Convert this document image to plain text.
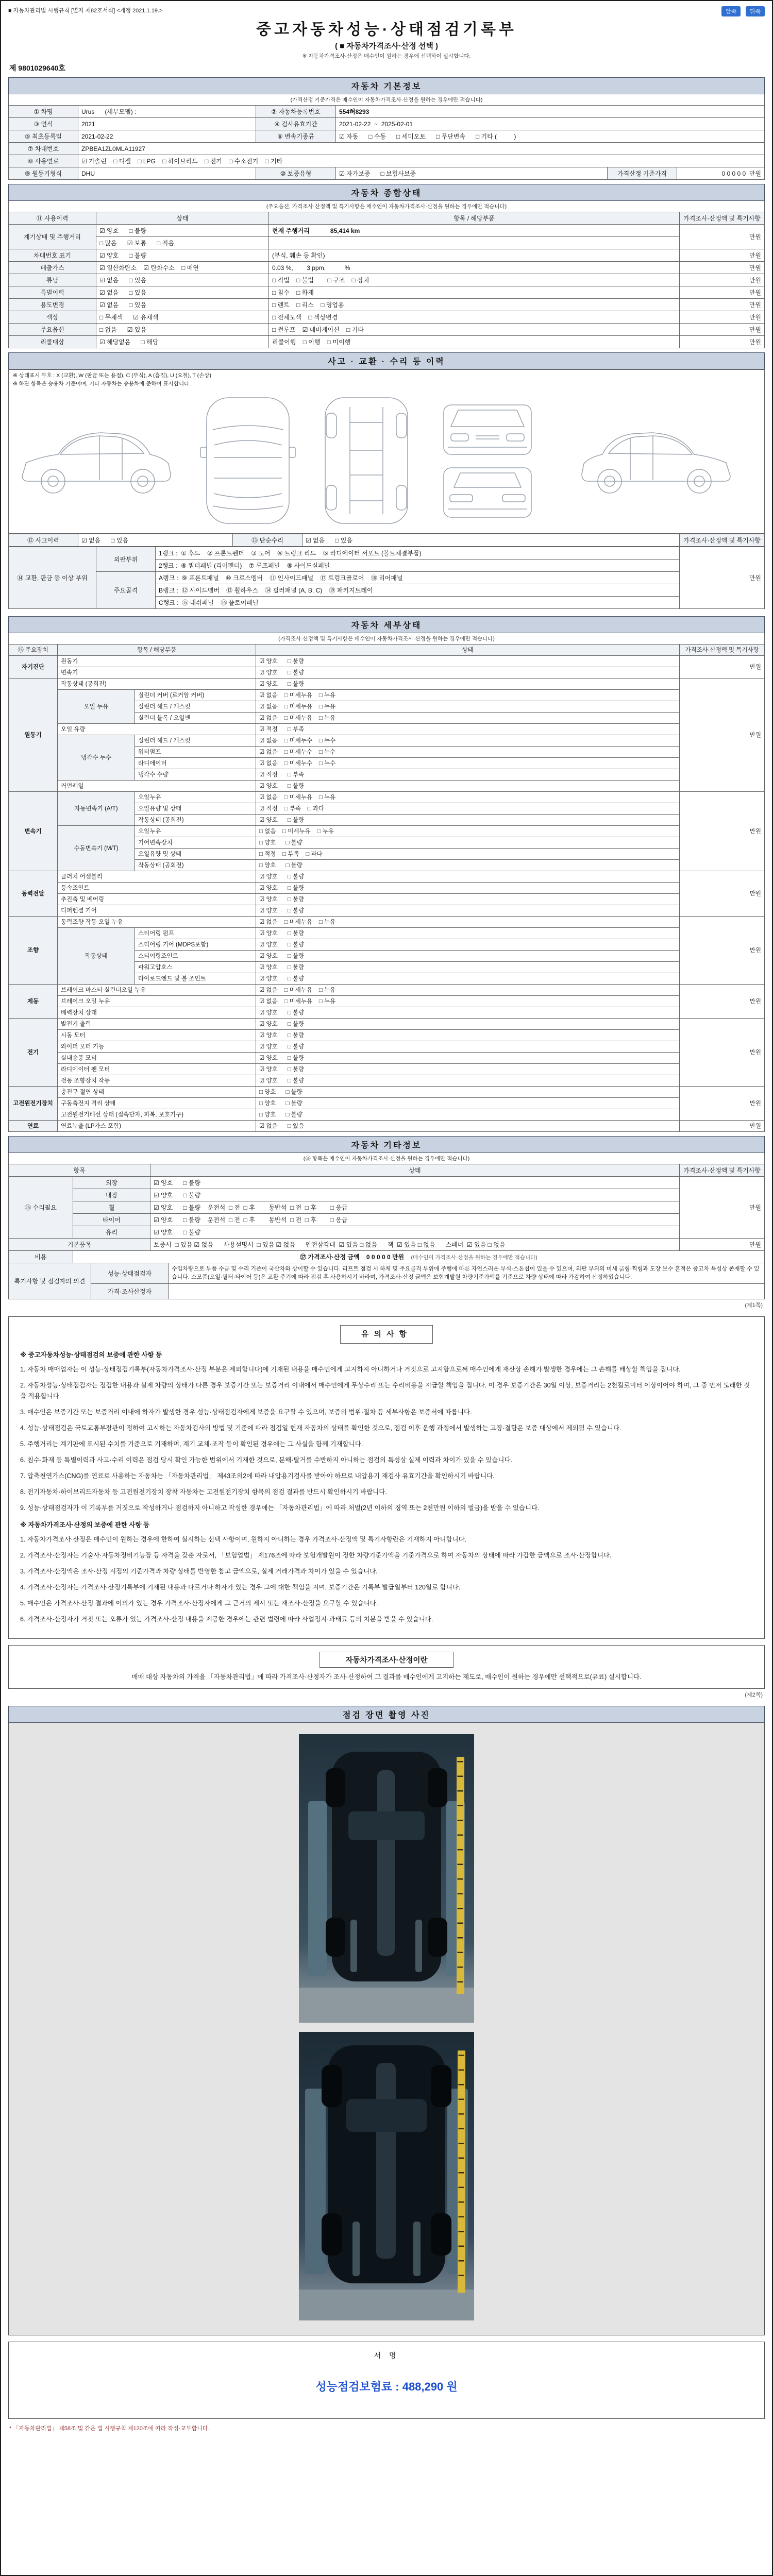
■ 자동차관리법 시행규칙 [별지 제82호서식] <개정 2021.1.19.>	앞쪽 뒤쪽
중고자동차성능·상태점검기록부
( ■ 자동차가격조사·산정 선택 )
※ 자동차가격조사·산정은 매수인이 원하는 경우에 선택하여 실시합니다.
제 9801029640호
자동차 기본정보
(가격산정 기준가격은 매수인이 자동차가격조사·산정을 원하는 경우에만 적습니다)
① 차명	Urus      (세부모델) :	② 자동차등록번호	554허8293		
③ 연식	2021	④ 검사유효기간	2021-02-22  ~  2025-02-01		
⑤ 최초등록일	2021-02-22	⑥ 변속기종류	☑ 자동      □ 수동      □ 세미오토      □ 무단변속      □ 기타 (          )		
⑦ 차대번호	ZPBEA1ZL0MLA11927				
⑧ 사용연료	☑ 가솔린    □ 디젤    □ LPG    □ 하이브리드    □ 전기    □ 수소전기    □ 기타				
⑨ 원동기형식	DHU	⑩ 보증유형	☑ 자가보증      □ 보험사보증	가격산정 기준가격	0 0 0 0 0  만원
자동차 종합상태
(주요옵션, 가격조사·산정액 및 특기사항은 매수인이 자동차가격조사·산정을 원하는 경우에만 적습니다)
⑪ 사용이력	상태	항목 / 해당부품	가격조사·산정액 및 특기사항
계기상태 및 주행거리	☑ 양호      □ 불량	현재 주행거리            85,414 km	만원
	□ 많음      ☑ 보통      □ 적음		
차대번호 표기	☑ 양호      □ 불량	(부식, 훼손 등 확인)	만원
배출가스	☑ 일산화탄소    ☑ 탄화수소    □ 매연	0.03 %,        3 ppm,           %	만원
튜닝	☑ 없음      □ 있음	□ 적법    □ 불법        □ 구조    □ 장치	만원
특별이력	☑ 없음      □ 있음	□ 침수    □ 화재	만원
용도변경	☑ 없음      □ 있음	□ 렌트    □ 리스    □ 영업용	만원
색상	□ 무채색      ☑ 유채색	□ 전체도색    □ 색상변경	만원
주요옵션	□ 없음      ☑ 있음	□ 썬루프    ☑ 네비게이션    □ 기타	만원
리콜대상	☑ 해당없음      □ 해당	리콜이행    □ 이행    □ 미이행	만원
사고 · 교환 · 수리 등 이력
※ 상태표시 부호 : X (교환), W (판금 또는 용접), C (부식), A (흠집), U (요철), T (손상)
※ 하단 항목은 승용차 기준이며, 기타 자동차는 승용차에 준하여 표시합니다.
⑫ 사고이력	☑ 없음      □ 있음	⑬ 단순수리	☑ 없음      □ 있음	가격조사·산정액 및 특기사항
⑭ 교환, 판금 등 이상 부위	외판부위	1랭크 :  ① 후드    ② 프론트펜더    ③ 도어    ④ 트렁크 리드    ⑤ 라디에이터 서포트 (볼트체결부품)	만원
		2랭크 :  ⑥ 쿼터패널 (리어펜더)    ⑦ 루프패널    ⑧ 사이드실패널	
	주요골격	A랭크 :  ⑨ 프론트패널    ⑩ 크로스멤버    ⑪ 인사이드패널    ⑰ 트렁크플로어    ⑱ 리어패널	
		B랭크 :  ⑫ 사이드멤버    ⑬ 휠하우스    ⑭ 필러패널 (A, B, C)    ⑲ 패키지트레이	
		C랭크 :  ⑮ 대쉬패널    ⑯ 플로어패널	
자동차 세부상태
(가격조사·산정액 및 특기사항은 매수인이 자동차가격조사·산정을 원하는 경우에만 적습니다)
⑮ 주요장치	항목 / 해당부품		상태	가격조사·산정액 및 특기사항
자기진단	원동기		☑ 양호      □ 불량	만원
	변속기		☑ 양호      □ 불량	
원동기	작동상태 (공회전)		☑ 양호      □ 불량	만원
	오일 누유	실린더 커버 (로커암 커버)	☑ 없음    □ 미세누유    □ 누유	
		실린더 헤드 / 개스킷	☑ 없음    □ 미세누유    □ 누유	
		실린더 블록 / 오일팬	☑ 없음    □ 미세누유    □ 누유	
	오일 유량		☑ 적정      □ 부족	
	냉각수 누수	실린더 헤드 / 개스킷	☑ 없음    □ 미세누수    □ 누수	
		워터펌프	☑ 없음    □ 미세누수    □ 누수	
		라디에이터	☑ 없음    □ 미세누수    □ 누수	
		냉각수 수량	☑ 적정      □ 부족	
	커먼레일		☑ 양호      □ 불량	
변속기	자동변속기 (A/T)	오일누유	☑ 없음    □ 미세누유    □ 누유	만원
		오일유량 및 상태	☑ 적정    □ 부족    □ 과다	
		작동상태 (공회전)	☑ 양호      □ 불량	
	수동변속기 (M/T)	오일누유	□ 없음    □ 미세누유    □ 누유	
		기어변속장치	□ 양호      □ 불량	
		오일유량 및 상태	□ 적정    □ 부족    □ 과다	
		작동상태 (공회전)	□ 양호      □ 불량	
동력전달	클러치 어셈블리		☑ 양호      □ 불량	만원
	등속조인트		☑ 양호      □ 불량	
	추진축 및 베어링		☑ 양호      □ 불량	
	디퍼렌셜 기어		☑ 양호      □ 불량	
조향	동력조향 작동 오일 누유		☑ 없음    □ 미세누유    □ 누유	만원
	작동상태	스티어링 펌프	☑ 양호      □ 불량	
		스티어링 기어 (MDPS포함)	☑ 양호      □ 불량	
		스티어링조인트	☑ 양호      □ 불량	
		파워고압호스	☑ 양호      □ 불량	
		타이로드엔드 및 볼 조인트	☑ 양호      □ 불량	
제동	브레이크 마스터 실린더오일 누유		☑ 없음    □ 미세누유    □ 누유	만원
	브레이크 오일 누유		☑ 없음    □ 미세누유    □ 누유	
	배력장치 상태		☑ 양호      □ 불량	
전기	발전기 출력		☑ 양호      □ 불량	만원
	시동 모터		☑ 양호      □ 불량	
	와이퍼 모터 기능		☑ 양호      □ 불량	
	실내송풍 모터		☑ 양호      □ 불량	
	라디에이터 팬 모터		☑ 양호      □ 불량	
	전동 조향장치 작동		☑ 양호      □ 불량	
고전원전기장치	충전구 절연 상태		□ 양호      □ 불량	만원
	구동축전지 격리 상태		□ 양호      □ 불량	
	고전원전기배선 상태 (접속단자, 피복, 보호기구)		□ 양호      □ 불량	
연료	연료누출 (LP가스 포함)		☑ 없음      □ 있음	만원
자동차 기타정보
(⑯ 항목은 매수인이 자동차가격조사·산정을 원하는 경우에만 적습니다)
항목		상태	가격조사·산정액 및 특기사항
⑯ 수리필요	외장	☑ 양호      □ 불량	만원
	내장	☑ 양호      □ 불량	
	휠	☑ 양호      □ 불량 운전석  □ 전  □ 후        동반석  □ 전  □ 후        □ 응급	
	타이어	☑ 양호      □ 불량 운전석  □ 전  □ 후        동반석  □ 전  □ 후        □ 응급	
	유리	☑ 양호      □ 불량	
기본품목		보증서  □ 있음 ☑ 없음      사용설명서  □ 있음 ☑ 없음      안전삼각대  ☑ 있음 □ 없음      잭  ☑ 있음 □ 없음      스패너  ☑ 있음 □ 없음	만원
비용	⑰ 가격조사·산정 금액 0 0 0 0 0 만원 (매수인이 가격조사·산정을 원하는 경우에만 적습니다)
특기사항 및 점검자의 의견	성능·상태점검자	수입차량으로 부품 수급 및 수리 기준이 국산차와 상이할 수 있습니다. 리프트 점검 시 하체 및 주요골격 부위에 주행에 따른 자연스러운 부식·스톤칩이 있을 수 있으며, 외판 부위의 미세 긁힘·찍힘과 도장 보수 흔적은 중고차 특성상 존재할 수 있습니다. 소모품(오일·필터·타이어 등)은 교환 주기에 따라 점검 후 사용하시기 바라며, 가격조사·산정 금액은 보험개발원 차량기준가액을 기준으로 차량 상태에 따라 가감하여 산정하였습니다.
	가격·조사산정자	
(제1쪽)
유의사항
※ 중고자동차성능·상태점검의 보증에 관한 사항 등

1. 자동차 매매업자는 이 성능·상태점검기록부(자동차가격조사·산정 부분은 제외합니다)에 기재된 내용을 매수인에게 고지하지 아니하거나 거짓으로 고지함으로써 매수인에게 재산상 손해가 발생한 경우에는 그 손해를 배상할 책임을 집니다.

2. 자동차성능·상태점검자는 점검한 내용과 실제 차량의 상태가 다른 경우 보증기간 또는 보증거리 이내에서 매수인에게 무상수리 또는 수리비용을 지급할 책임을 집니다. 이 경우 보증기간은 30일 이상, 보증거리는 2천킬로미터 이상이어야 하며, 그 중 먼저 도래한 것을 적용합니다.

3. 매수인은 보증기간 또는 보증거리 이내에 하자가 발생한 경우 성능·상태점검자에게 보증을 요구할 수 있으며, 보증의 범위·절차 등 세부사항은 보증서에 따릅니다.

4. 성능·상태점검은 국토교통부장관이 정하여 고시하는 자동차검사의 방법 및 기준에 따라 점검일 현재 자동차의 상태를 확인한 것으로, 점검 이후 운행 과정에서 발생하는 고장·결함은 보증 대상에서 제외될 수 있습니다.

5. 주행거리는 계기판에 표시된 수치를 기준으로 기재하며, 계기 교체·조작 등이 확인된 경우에는 그 사실을 함께 기재합니다.

6. 침수·화재 등 특별이력과 사고·수리 이력은 점검 당시 확인 가능한 범위에서 기재한 것으로, 분해·탈거를 수반하지 아니하는 점검의 특성상 실제 이력과 차이가 있을 수 있습니다.

7. 압축천연가스(CNG)를 연료로 사용하는 자동차는 「자동차관리법」 제43조의2에 따라 내압용기검사를 받아야 하므로 내압용기 재검사 유효기간을 확인하시기 바랍니다.

8. 전기자동차·하이브리드자동차 등 고전원전기장치 장착 자동차는 고전원전기장치 항목의 점검 결과를 반드시 확인하시기 바랍니다.

9. 성능·상태점검자가 이 기록부를 거짓으로 작성하거나 점검하지 아니하고 작성한 경우에는 「자동차관리법」에 따라 처벌(2년 이하의 징역 또는 2천만원 이하의 벌금)을 받을 수 있습니다.

※ 자동차가격조사·산정의 보증에 관한 사항 등

1. 자동차가격조사·산정은 매수인이 원하는 경우에 한하여 실시하는 선택 사항이며, 원하지 아니하는 경우 가격조사·산정액 및 특기사항란은 기재하지 아니합니다.

2. 가격조사·산정자는 기술사·자동차정비기능장 등 자격을 갖춘 자로서, 「보험업법」 제176조에 따라 보험개발원이 정한 차량기준가액을 기준가격으로 하여 자동차의 상태에 따라 가감한 금액으로 조사·산정합니다.

3. 가격조사·산정액은 조사·산정 시점의 기준가격과 차량 상태를 반영한 참고 금액으로, 실제 거래가격과 차이가 있을 수 있습니다.

4. 가격조사·산정자는 가격조사·산정기록부에 기재된 내용과 다르거나 하자가 있는 경우 그에 대한 책임을 지며, 보증기간은 기록부 발급일부터 120일로 합니다.

5. 매수인은 가격조사·산정 결과에 이의가 있는 경우 가격조사·산정자에게 그 근거의 제시 또는 재조사·산정을 요구할 수 있습니다.

6. 가격조사·산정자가 거짓 또는 오류가 있는 가격조사·산정 내용을 제공한 경우에는 관련 법령에 따라 사업정지·과태료 등의 처분을 받을 수 있습니다.

자동차가격조사·산정이란
매매 대상 자동차의 가격을 「자동차관리법」에 따라 가격조사·산정자가 조사·산정하여 그 결과를 매수인에게 고지하는 제도로, 매수인이 원하는 경우에만 선택적으로(유료) 실시합니다.
(제2쪽)
점검 장면 촬영 사진
서 명
성능점검보험료 : 488,290 원
* 「자동차관리법」 제58조 및 같은 법 시행규칙 제120조에 따라 작성·교부합니다.
